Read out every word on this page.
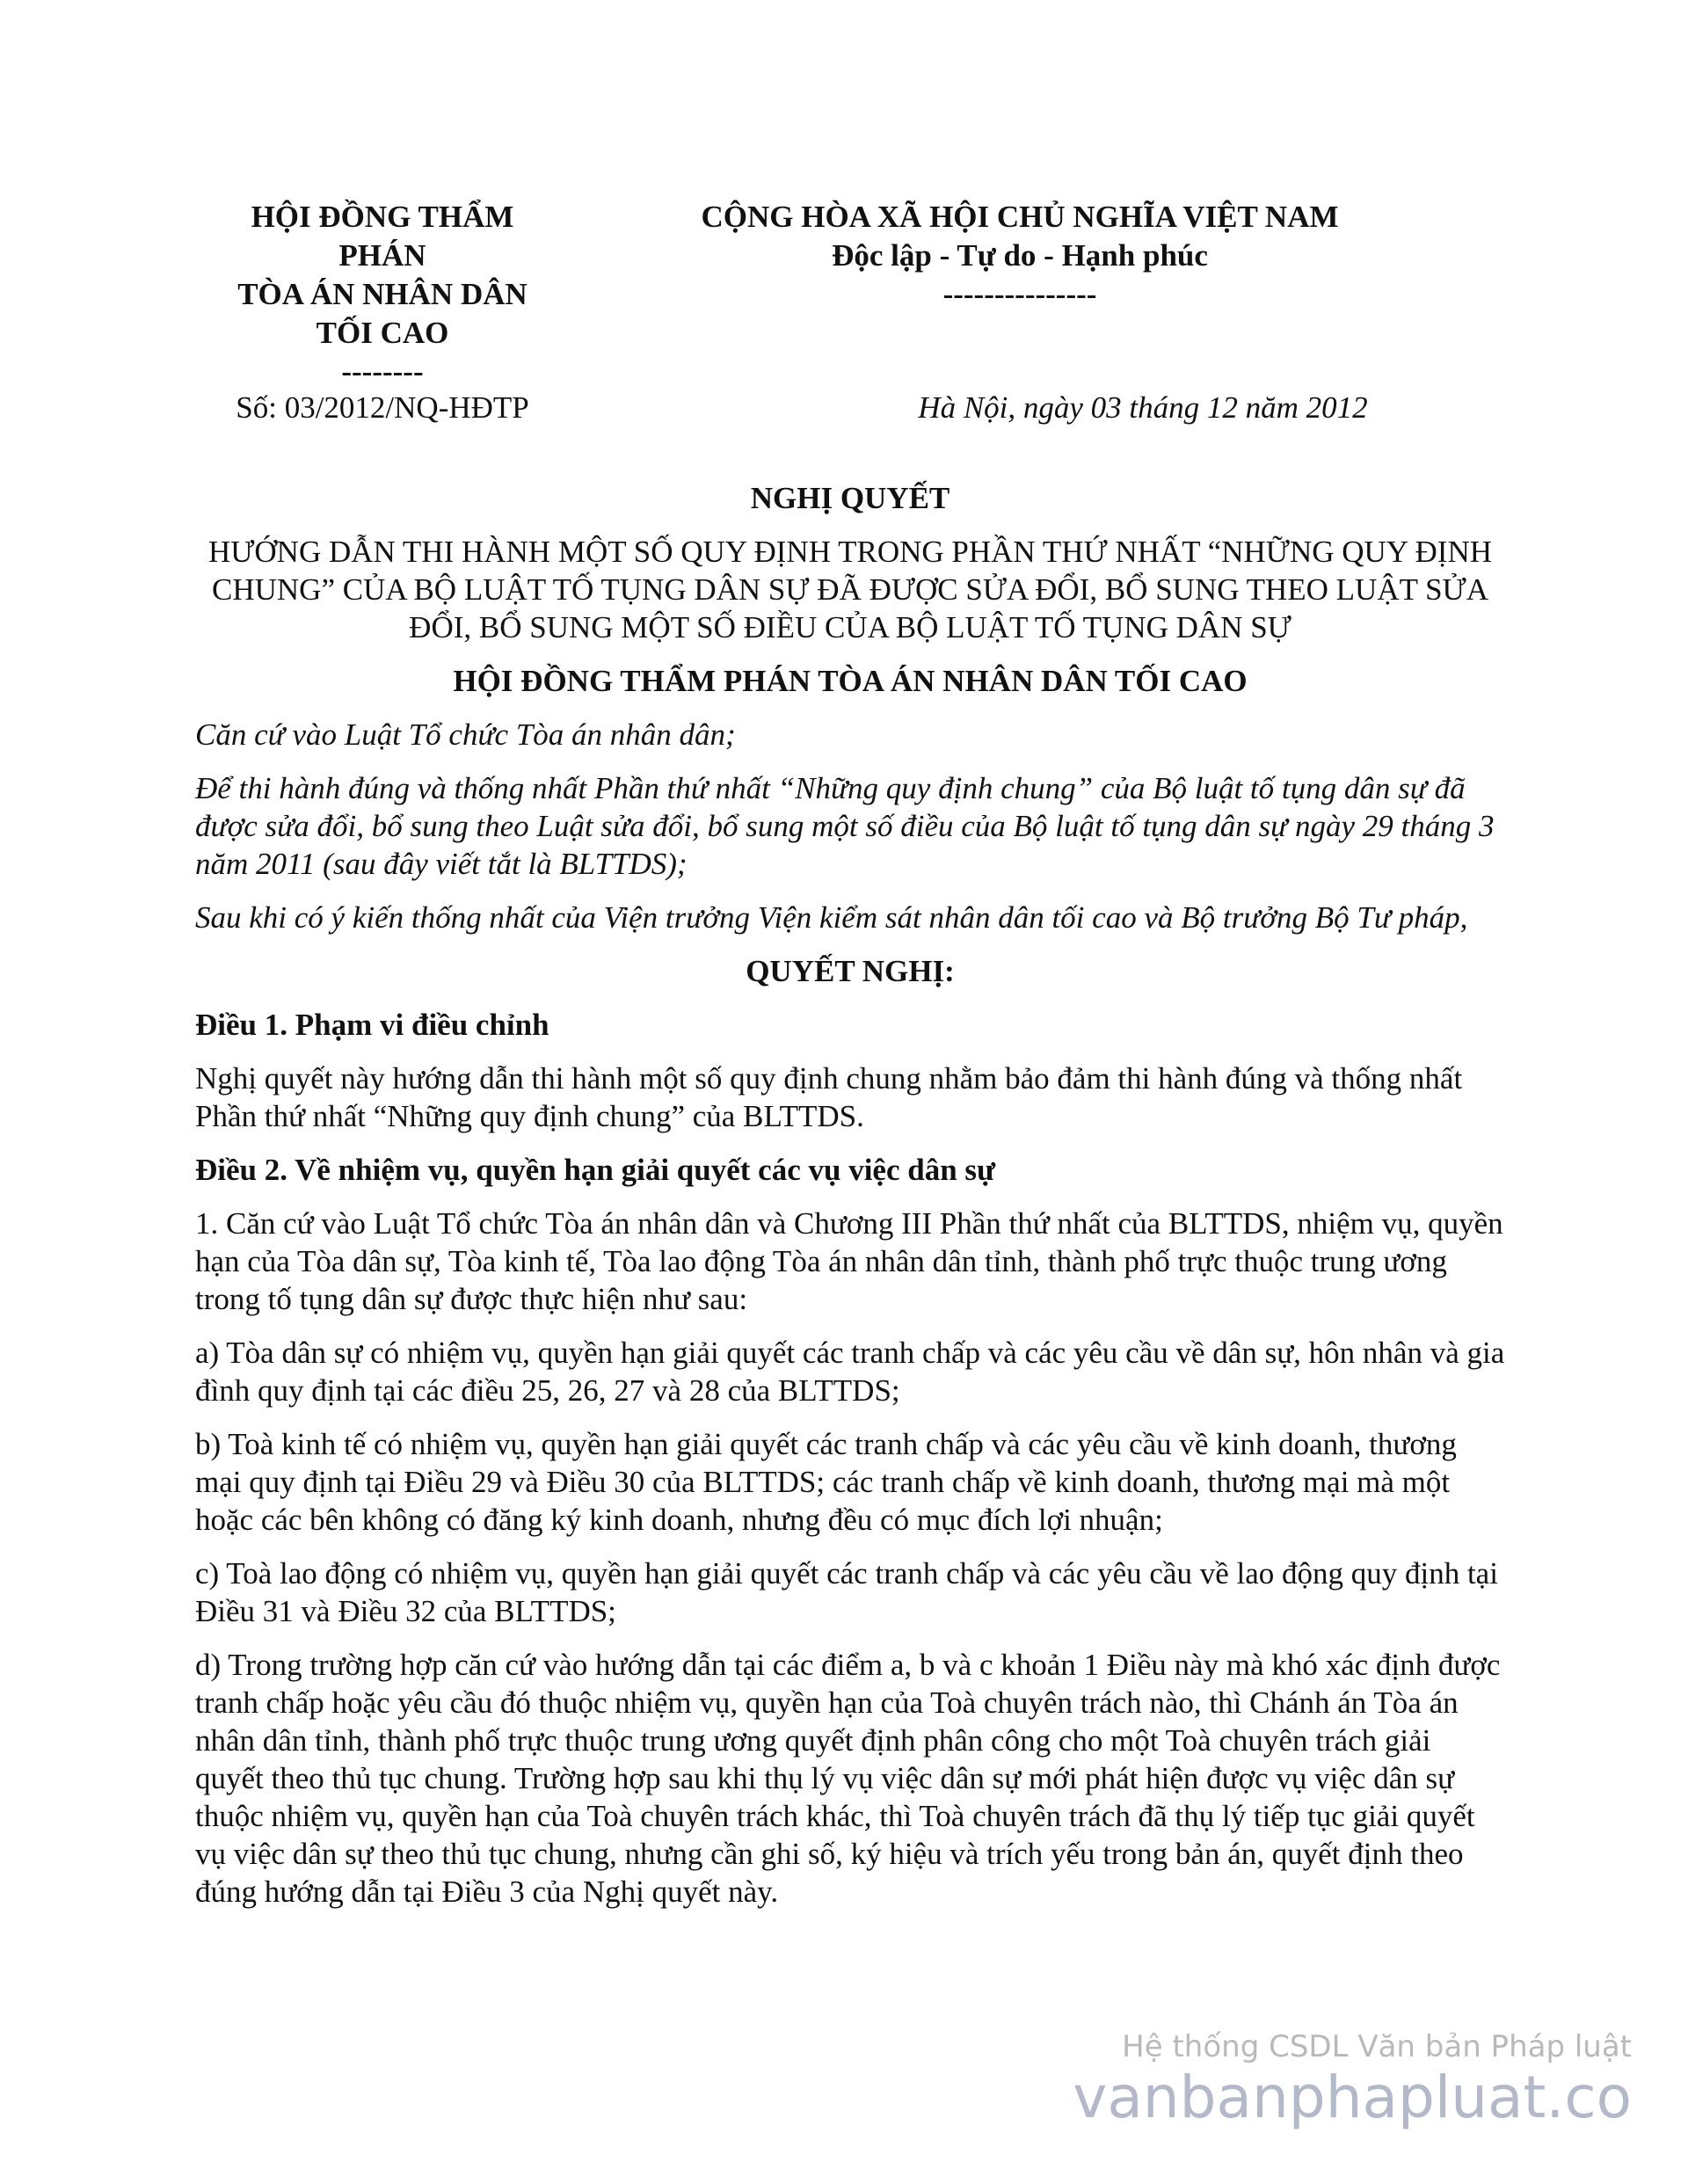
HỘI ĐỒNG THẨM
PHÁN
TÒA ÁN NHÂN DÂN
TỐI CAO
--------
CỘNG HÒA XÃ HỘI CHỦ NGHĨA VIỆT NAM
Độc lập - Tự do - Hạnh phúc
---------------
Số: 03/2012/NQ-HĐTP	Hà Nội, ngày 03 tháng 12 năm 2012

NGHỊ QUYẾT

HƯỚNG DẪN THI HÀNH MỘT SỐ QUY ĐỊNH TRONG PHẦN THỨ NHẤT “NHỮNG QUY ĐỊNH CHUNG” CỦA BỘ LUẬT TỐ TỤNG DÂN SỰ ĐÃ ĐƯỢC SỬA ĐỔI, BỔ SUNG THEO LUẬT SỬA ĐỔI, BỔ SUNG MỘT SỐ ĐIỀU CỦA BỘ LUẬT TỐ TỤNG DÂN SỰ

HỘI ĐỒNG THẨM PHÁN TÒA ÁN NHÂN DÂN TỐI CAO

Căn cứ vào Luật Tổ chức Tòa án nhân dân;

Để thi hành đúng và thống nhất Phần thứ nhất “Những quy định chung” của Bộ luật tố tụng dân sự đã được sửa đổi, bổ sung theo Luật sửa đổi, bổ sung một số điều của Bộ luật tố tụng dân sự ngày 29 tháng 3 năm 2011 (sau đây viết tắt là BLTTDS);

Sau khi có ý kiến thống nhất của Viện trưởng Viện kiểm sát nhân dân tối cao và Bộ trưởng Bộ Tư pháp,

QUYẾT NGHỊ:

Điều 1. Phạm vi điều chỉnh

Nghị quyết này hướng dẫn thi hành một số quy định chung nhằm bảo đảm thi hành đúng và thống nhất Phần thứ nhất “Những quy định chung” của BLTTDS.

Điều 2. Về nhiệm vụ, quyền hạn giải quyết các vụ việc dân sự

1. Căn cứ vào Luật Tổ chức Tòa án nhân dân và Chương III Phần thứ nhất của BLTTDS, nhiệm vụ, quyền hạn của Tòa dân sự, Tòa kinh tế, Tòa lao động Tòa án nhân dân tỉnh, thành phố trực thuộc trung ương trong tố tụng dân sự được thực hiện như sau:

a) Tòa dân sự có nhiệm vụ, quyền hạn giải quyết các tranh chấp và các yêu cầu về dân sự, hôn nhân và gia đình quy định tại các điều 25, 26, 27 và 28 của BLTTDS;

b) Toà kinh tế có nhiệm vụ, quyền hạn giải quyết các tranh chấp và các yêu cầu về kinh doanh, thương mại quy định tại Điều 29 và Điều 30 của BLTTDS; các tranh chấp về kinh doanh, thương mại mà một hoặc các bên không có đăng ký kinh doanh, nhưng đều có mục đích lợi nhuận;

c) Toà lao động có nhiệm vụ, quyền hạn giải quyết các tranh chấp và các yêu cầu về lao động quy định tại Điều 31 và Điều 32 của BLTTDS;

d) Trong trường hợp căn cứ vào hướng dẫn tại các điểm a, b và c khoản 1 Điều này mà khó xác định được tranh chấp hoặc yêu cầu đó thuộc nhiệm vụ, quyền hạn của Toà chuyên trách nào, thì Chánh án Tòa án nhân dân tỉnh, thành phố trực thuộc trung ương quyết định phân công cho một Toà chuyên trách giải quyết theo thủ tục chung. Trường hợp sau khi thụ lý vụ việc dân sự mới phát hiện được vụ việc dân sự thuộc nhiệm vụ, quyền hạn của Toà chuyên trách khác, thì Toà chuyên trách đã thụ lý tiếp tục giải quyết vụ việc dân sự theo thủ tục chung, nhưng cần ghi số, ký hiệu và trích yếu trong bản án, quyết định theo đúng hướng dẫn tại Điều 3 của Nghị quyết này.

Hệ thống CSDL Văn bản Pháp luật
vanbanphapluat.co
